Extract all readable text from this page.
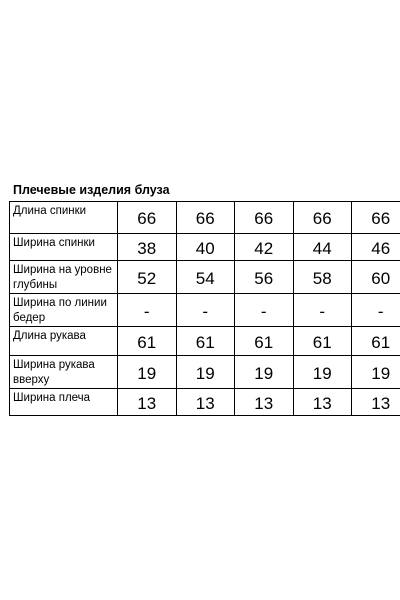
Плечевые изделия блуза
Длина спинки	66	66	66	66	66	
Ширина спинки	38	40	42	44	46	
Ширина на уровне глубины	52	54	56	58	60	
Ширина по линии бедер	-	-	-	-	-	
Длина рукава	61	61	61	61	61	
Ширина рукава вверху	19	19	19	19	19	
Ширина плеча	13	13	13	13	13	
